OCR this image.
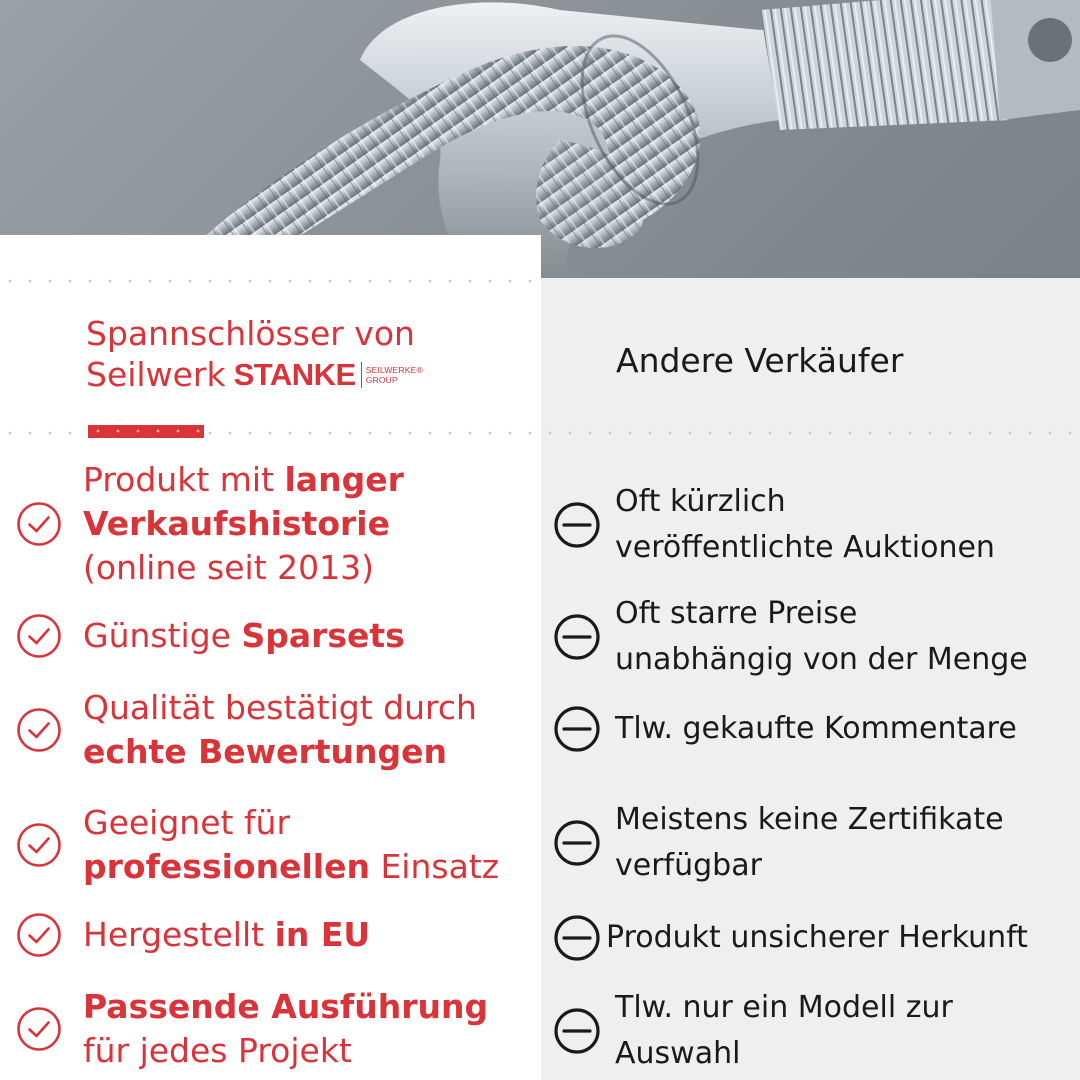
Spannschlösser von
Seilwerk STANKE SEILWERKE®
GROUP	Andere Verkäufer
Produkt mit langer
Verkaufshistorie
(online seit 2013)
Günstige Sparsets
Qualität bestätigt durch
echte Bewertungen
Geeignet für
professionellen Einsatz
Hergestellt in EU
Passende Ausführung
für jedes Projekt
Oft kürzlich
veröffentlichte Auktionen
Oft starre Preise
unabhängig von der Menge
Tlw. gekaufte Kommentare
Meistens keine Zertifikate
verfügbar
Produkt unsicherer Herkunft
Tlw. nur ein Modell zur
Auswahl
